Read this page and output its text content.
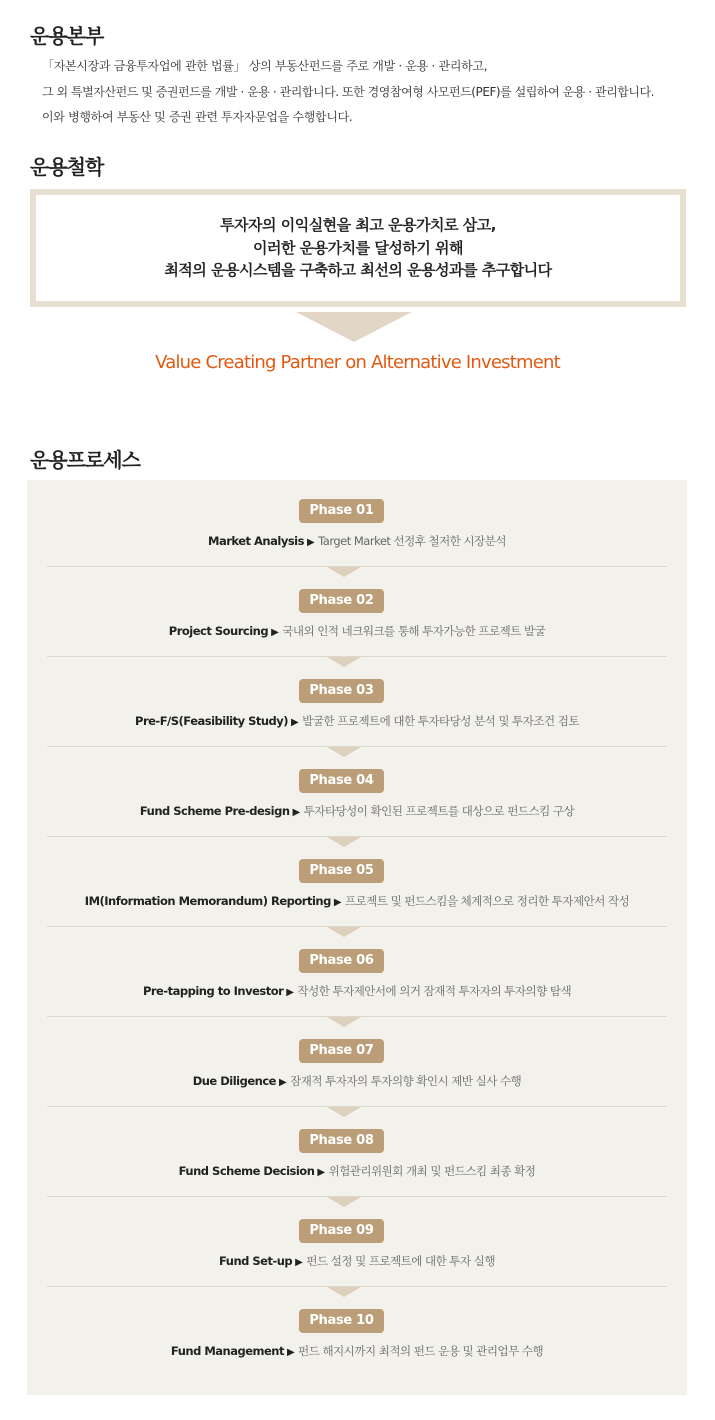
운용본부

「자본시장과 금융투자업에 관한 법률」 상의 부동산펀드를 주로 개발 · 운용 · 관리하고,

그 외 특별자산펀드 및 증권펀드를 개발 · 운용 · 관리합니다. 또한 경영참여형 사모펀드(PEF)를 설립하여 운용 · 관리합니다.

이와 병행하여 부동산 및 증권 관련 투자자문업을 수행합니다.

운용철학

투자자의 이익실현을 최고 운용가치로 삼고,

이러한 운용가치를 달성하기 위해

최적의 운용시스템을 구축하고 최선의 운용성과를 추구합니다

Value Creating Partner on Alternative Investment
운용프로세스
Phase 01
Market Analysis ▶ Target Market 선정후 철저한 시장분석
Phase 02
Project Sourcing ▶ 국내외 인적 네크워크를 통해 투자가능한 프로젝트 발굴
Phase 03
Pre-F/S(Feasibility Study) ▶ 발굴한 프로젝트에 대한 투자타당성 분석 및 투자조건 검토
Phase 04
Fund Scheme Pre-design ▶ 투자타당성이 확인된 프로젝트를 대상으로 펀드스킴 구상
Phase 05
IM(Information Memorandum) Reporting ▶ 프로젝트 및 펀드스킴을 체계적으로 정리한 투자제안서 작성
Phase 06
Pre-tapping to Investor ▶ 작성한 투자제안서에 의거 잠재적 투자자의 투자의향 탐색
Phase 07
Due Diligence ▶ 잠재적 투자자의 투자의향 확인시 제반 실사 수행
Phase 08
Fund Scheme Decision ▶ 위험관리위원회 개최 및 펀드스킴 최종 확정
Phase 09
Fund Set-up ▶ 펀드 설정 및 프로젝트에 대한 투자 실행
Phase 10
Fund Management ▶ 펀드 해지시까지 최적의 펀드 운용 및 관리업무 수행
